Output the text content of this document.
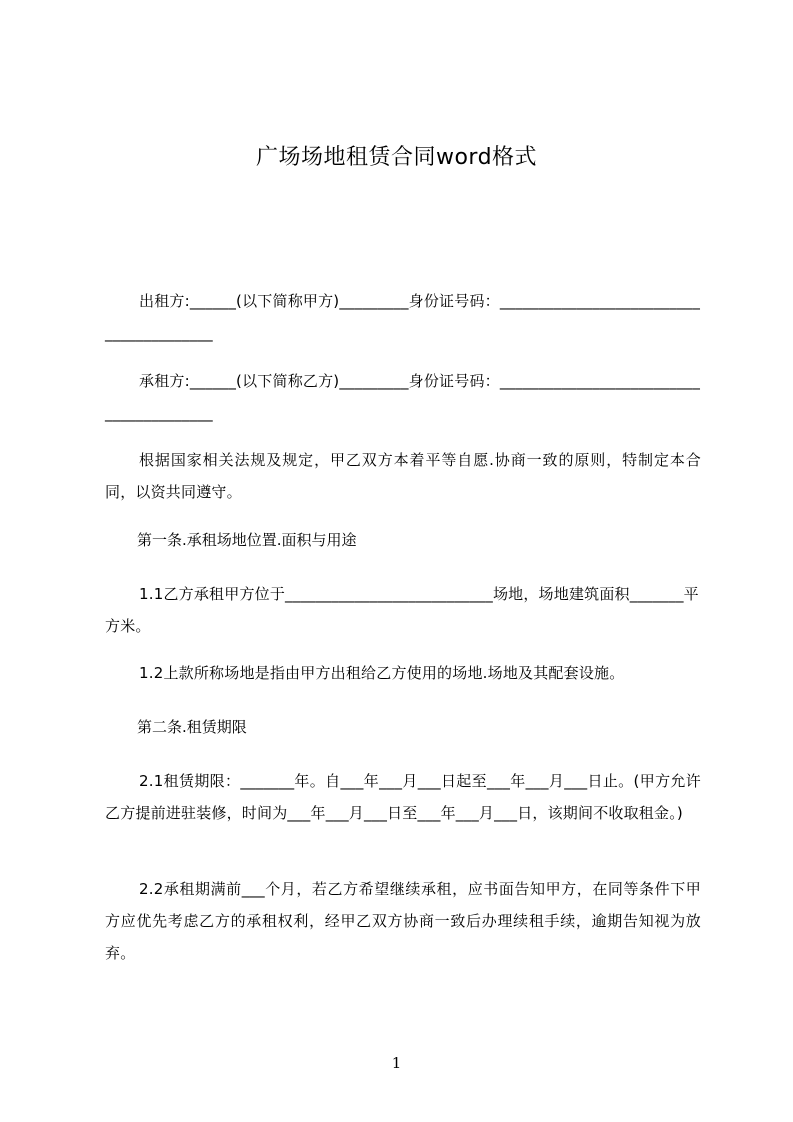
广场场地租赁合同word格式
出租方:______(以下简称甲方)_________身份证号码：________________________________________
承租方:______(以下简称乙方)_________身份证号码：________________________________________
根据国家相关法规及规定，甲乙双方本着平等自愿.协商一致的原则，特制定本合同，以资共同遵守。
第一条.承租场地位置.面积与用途
1.1乙方承租甲方位于___________________________场地，场地建筑面积_______平方米。
1.2上款所称场地是指由甲方出租给乙方使用的场地.场地及其配套设施。
第二条.租赁期限
2.1租赁期限：_______年。自___年___月___日起至___年___月___日止。(甲方允许乙方提前进驻装修，时间为___年___月___日至___年___月___日，该期间不收取租金。)
2.2承租期满前___个月，若乙方希望继续承租，应书面告知甲方，在同等条件下甲方应优先考虑乙方的承租权利，经甲乙双方协商一致后办理续租手续，逾期告知视为放弃。
1
